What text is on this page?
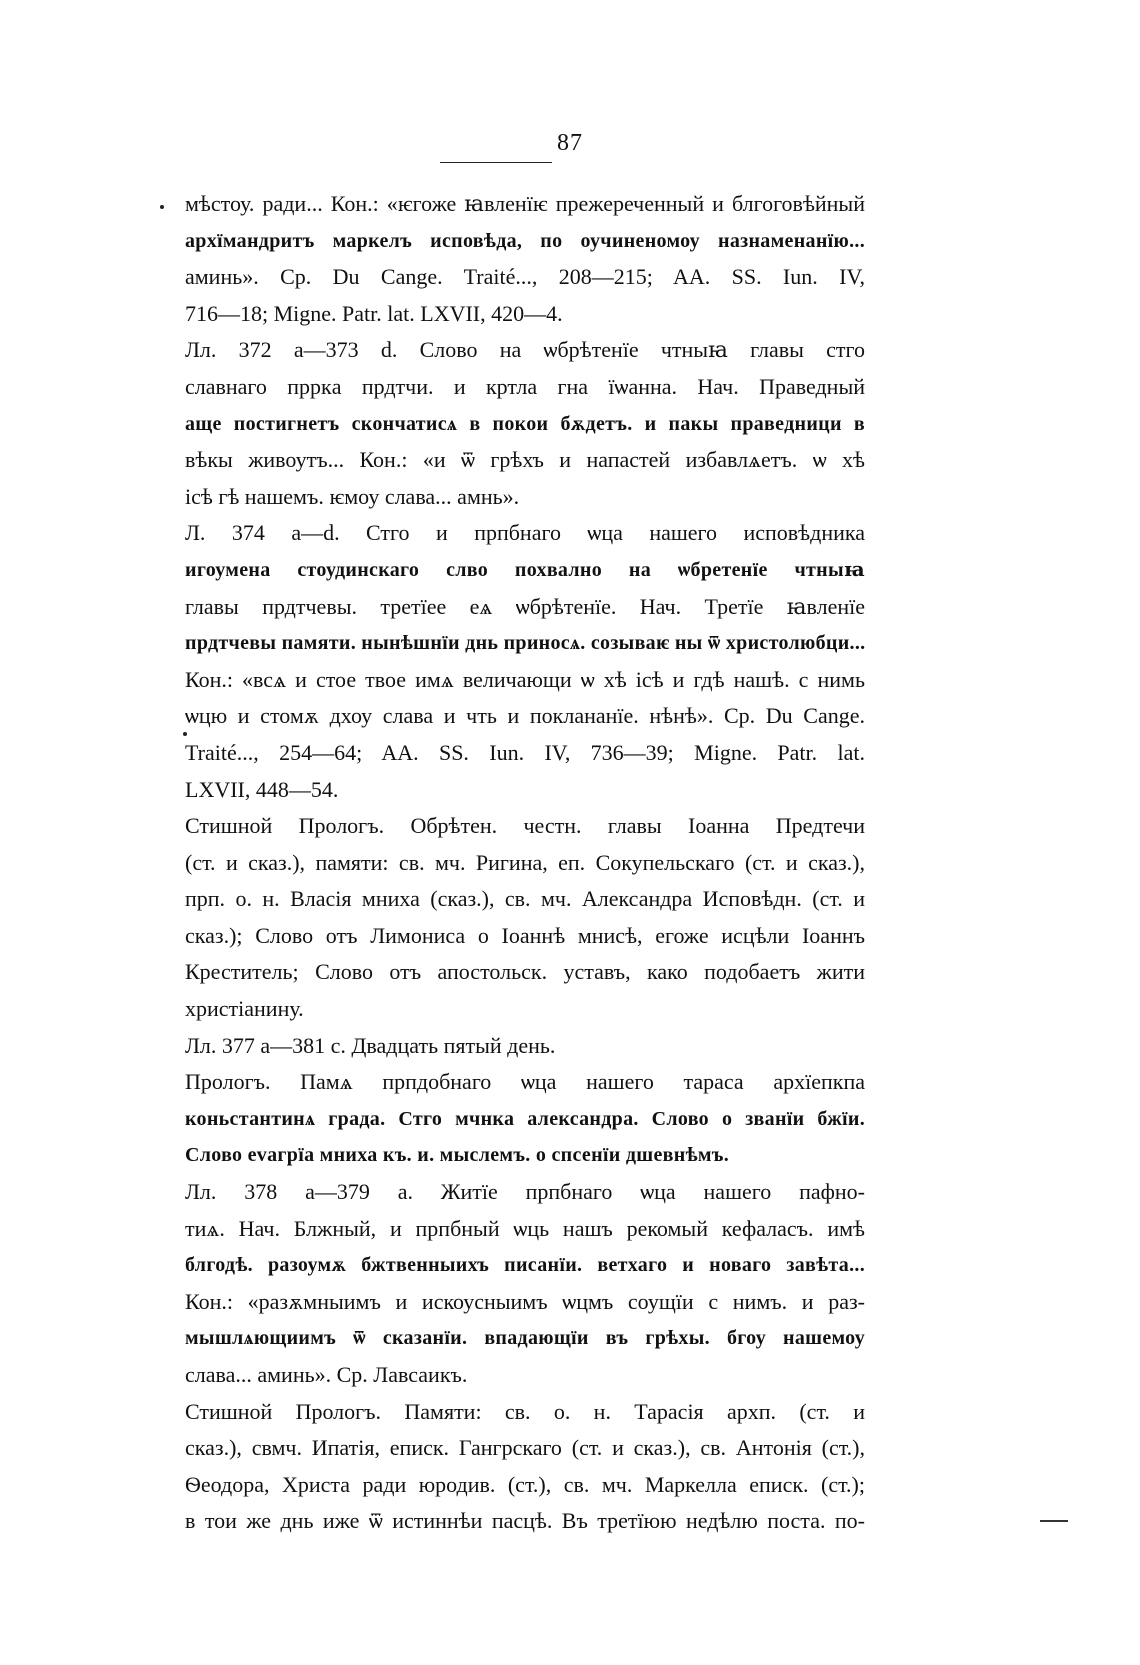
87
мѣстоу. ради... Кон.: «ѥгоже ꙗвленїѥ прежереченный и блгоговѣйный
архїмандритъ маркелъ исповѣда, по оучиненомоу назнаменанїю...
аминь». Ср. Du Cange. Traité..., 208—215; AA. SS. Iun. IV,
716—18; Migne. Patr. lat. LXVII, 420—4.
Лл. 372 а—373 d. Слово на ѡбрѣтенїе чтныꙗ главы стго
славнаго прркa прдтчи. и кртла гна їѡанна. Нач. Праведный
аще постигнетъ скончатисѧ в покои бѫдетъ. и пакы праведници в
вѣкы живоутъ... Кон.: «и ѿ грѣхъ и напастей избавлѧетъ. ѡ хѣ
ісѣ гѣ нашемъ. ѥмоу слава... амнь».
Л. 374 a—d. Стго и прпбнаго ѡца нашего исповѣдника
игоумена стоудинскаго слво похвално на ѡбретенїе чтныꙗ
главы прдтчевы. третїее еѧ ѡбрѣтенїе. Нач. Третїе ꙗвленїе
прдтчевы памяти. нынѣшнїи днь приносѧ. созываѥ ны ѿ христолюбци...
Кон.: «всѧ и стое твое имѧ величающи ѡ хѣ ісѣ и гдѣ нашѣ. с нимь
ѡцю и стомѫ дхоу слава и чть и поклананїе. нѣнѣ». Ср. Du Cange.
Traité..., 254—64; AA. SS. Iun. IV, 736—39; Migne. Patr. lat.
LXVII, 448—54.
Стишной Прологъ. Обрѣтен. честн. главы Іоанна Предтечи
(ст. и сказ.), памяти: св. мч. Ригина, еп. Сокупельскаго (ст. и сказ.),
прп. о. н. Власія мниха (сказ.), св. мч. Александра Исповѣдн. (ст. и
сказ.); Слово отъ Лимониса о Іоаннѣ мнисѣ, егоже исцѣли Іоаннъ
Креститель; Слово отъ апостольск. уставъ, како подобаетъ жити
христіанину.
Лл. 377 а—381 с. Двадцать пятый день.
Прологъ. Памѧ прпдобнаго ѡца нашего тараса архїепкпа
коньстантинѧ града. Стго мчнка александра. Слово о званїи бжїи.
Слово еvагрїа мниха къ. и. мыслемъ. о спсенїи дшевнѣмъ.
Лл. 378 а—379 а. Житїе прпбнаго ѡца нашего пафно-
тиѧ. Нач. Блжный, и прпбный ѡць нашъ рекомый кефаласъ. имѣ
блгодѣ. разоумѫ бжтвенныихъ писанїи. ветхаго и новаго завѣта...
Кон.: «разѫмныимъ и искоусныимъ ѡцмъ соущїи с нимъ. и раз-
мышлѧющиимъ ѿ сказанїи. впадающїи въ грѣхы. бгоу нашемоу
слава... аминь». Ср. Лавсаикъ.
Стишной Прологъ. Памяти: св. о. н. Тарасія архп. (ст. и
сказ.), свмч. Ипатія, еписк. Гангрскаго (ст. и сказ.), св. Антонія (ст.),
Ѳеодора, Христа ради юродив. (ст.), св. мч. Маркелла еписк. (ст.);
в тои же днь иже ѿ истиннѣи пасцѣ. Въ третїюю недѣлю поста. по-
